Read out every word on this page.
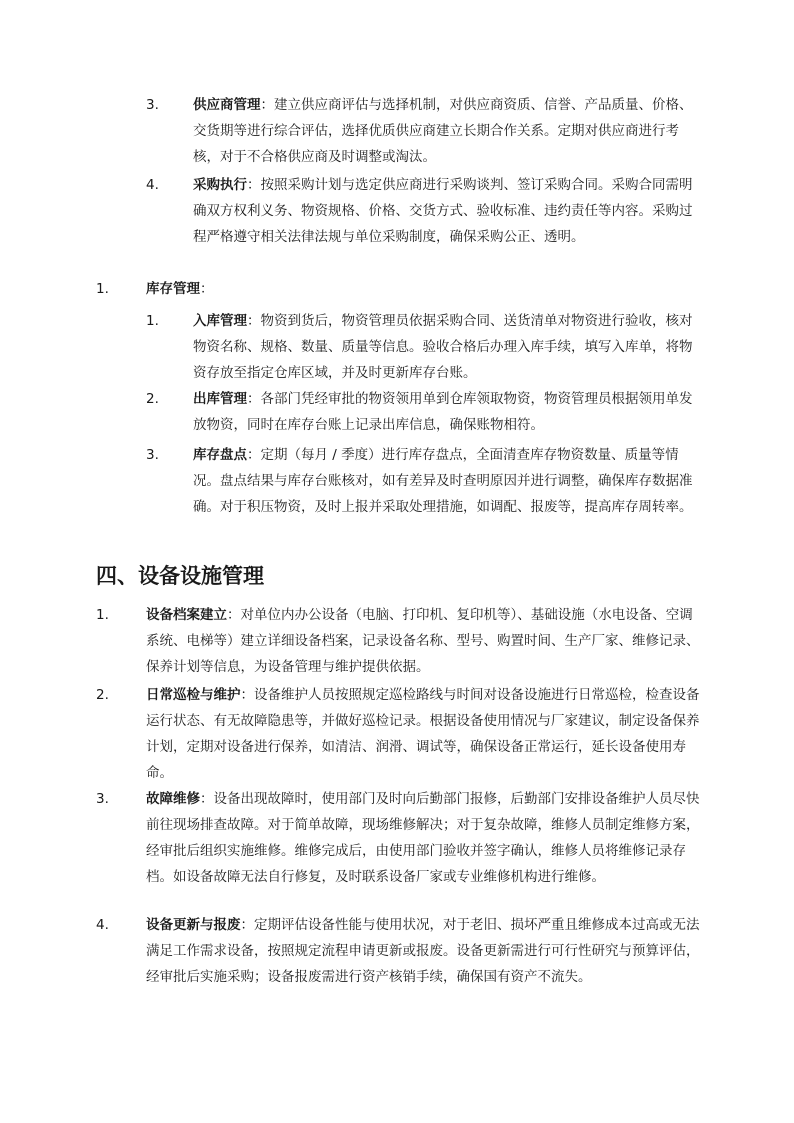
3.	供应商管理：建立供应商评估与选择机制，对供应商资质、信誉、产品质量、价格、交货期等进行综合评估，选择优质供应商建立长期合作关系。定期对供应商进行考核，对于不合格供应商及时调整或淘汰。
4.	采购执行：按照采购计划与选定供应商进行采购谈判、签订采购合同。采购合同需明确双方权利义务、物资规格、价格、交货方式、验收标准、违约责任等内容。采购过程严格遵守相关法律法规与单位采购制度，确保采购公正、透明。
1.	库存管理：
1.	入库管理：物资到货后，物资管理员依据采购合同、送货清单对物资进行验收，核对物资名称、规格、数量、质量等信息。验收合格后办理入库手续，填写入库单，将物资存放至指定仓库区域，并及时更新库存台账。
2.	出库管理：各部门凭经审批的物资领用单到仓库领取物资，物资管理员根据领用单发放物资，同时在库存台账上记录出库信息，确保账物相符。
3.	库存盘点：定期（每月 / 季度）进行库存盘点，全面清查库存物资数量、质量等情况。盘点结果与库存台账核对，如有差异及时查明原因并进行调整，确保库存数据准确。对于积压物资，及时上报并采取处理措施，如调配、报废等，提高库存周转率。
四、设备设施管理
1.	设备档案建立：对单位内办公设备（电脑、打印机、复印机等）、基础设施（水电设备、空调系统、电梯等）建立详细设备档案，记录设备名称、型号、购置时间、生产厂家、维修记录、保养计划等信息，为设备管理与维护提供依据。
2.	日常巡检与维护：设备维护人员按照规定巡检路线与时间对设备设施进行日常巡检，检查设备运行状态、有无故障隐患等，并做好巡检记录。根据设备使用情况与厂家建议，制定设备保养计划，定期对设备进行保养，如清洁、润滑、调试等，确保设备正常运行，延长设备使用寿命。
3.	故障维修：设备出现故障时，使用部门及时向后勤部门报修，后勤部门安排设备维护人员尽快前往现场排查故障。对于简单故障，现场维修解决；对于复杂故障，维修人员制定维修方案，经审批后组织实施维修。维修完成后，由使用部门验收并签字确认，维修人员将维修记录存档。如设备故障无法自行修复，及时联系设备厂家或专业维修机构进行维修。
4.	设备更新与报废：定期评估设备性能与使用状况，对于老旧、损坏严重且维修成本过高或无法满足工作需求设备，按照规定流程申请更新或报废。设备更新需进行可行性研究与预算评估，经审批后实施采购；设备报废需进行资产核销手续，确保国有资产不流失。
